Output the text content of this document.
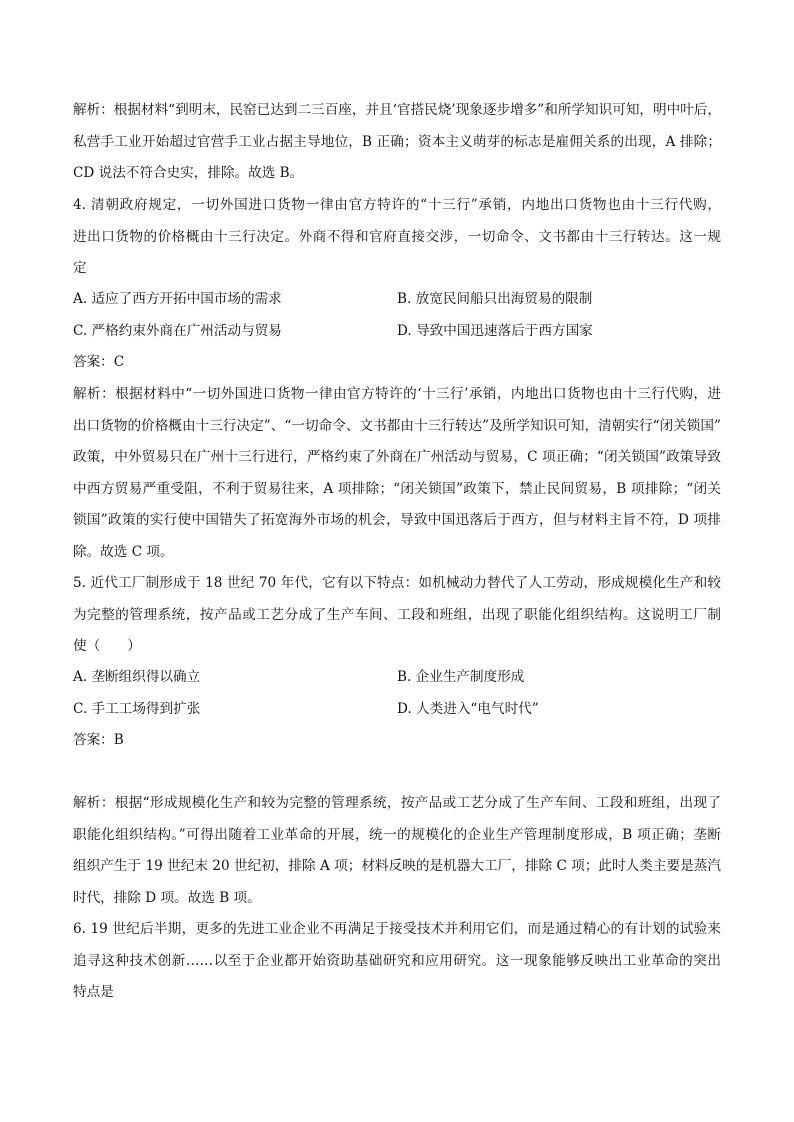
解析：根据材料“到明末，民窑已达到二三百座，并且‘官搭民烧’现象逐步增多”和所学知识可知，明中叶后，
私营手工业开始超过官营手工业占据主导地位，B 正确；资本主义萌芽的标志是雇佣关系的出现，A 排除；
CD 说法不符合史实，排除。故选 B。
4. 清朝政府规定，一切外国进口货物一律由官方特许的“十三行”承销，内地出口货物也由十三行代购，
进出口货物的价格概由十三行决定。外商不得和官府直接交涉，一切命令、文书都由十三行转达。这一规
定
A. 适应了西方开拓中国市场的需求	B. 放宽民间船只出海贸易的限制
C. 严格约束外商在广州活动与贸易	D. 导致中国迅速落后于西方国家
答案：C
解析：根据材料中“一切外国进口货物一律由官方特许的‘十三行’承销，内地出口货物也由十三行代购，进
出口货物的价格概由十三行决定”、“一切命令、文书都由十三行转达”及所学知识可知，清朝实行“闭关锁国”
政策，中外贸易只在广州十三行进行，严格约束了外商在广州活动与贸易，C 项正确；“闭关锁国”政策导致
中西方贸易严重受阻，不利于贸易往来，A 项排除；“闭关锁国”政策下，禁止民间贸易，B 项排除；“闭关
锁国”政策的实行使中国错失了拓宽海外市场的机会，导致中国迅落后于西方，但与材料主旨不符，D 项排
除。故选 C 项。
5. 近代工厂制形成于 18 世纪 70 年代，它有以下特点：如机械动力替代了人工劳动，形成规模化生产和较
为完整的管理系统，按产品或工艺分成了生产车间、工段和班组，出现了职能化组织结构。这说明工厂制
使（　　）
A. 垄断组织得以确立	B. 企业生产制度形成
C. 手工工场得到扩张	D. 人类进入“电气时代”
答案：B
解析：根据“形成规模化生产和较为完整的管理系统，按产品或工艺分成了生产车间、工段和班组，出现了
职能化组织结构。”可得出随着工业革命的开展，统一的规模化的企业生产管理制度形成，B 项正确；垄断
组织产生于 19 世纪末 20 世纪初，排除 A 项；材料反映的是机器大工厂，排除 C 项；此时人类主要是蒸汽
时代，排除 D 项。故选 B 项。
6. 19 世纪后半期，更多的先进工业企业不再满足于接受技术并利用它们，而是通过精心的有计划的试验来
追寻这种技术创新……以至于企业都开始资助基础研究和应用研究。这一现象能够反映出工业革命的突出
特点是
